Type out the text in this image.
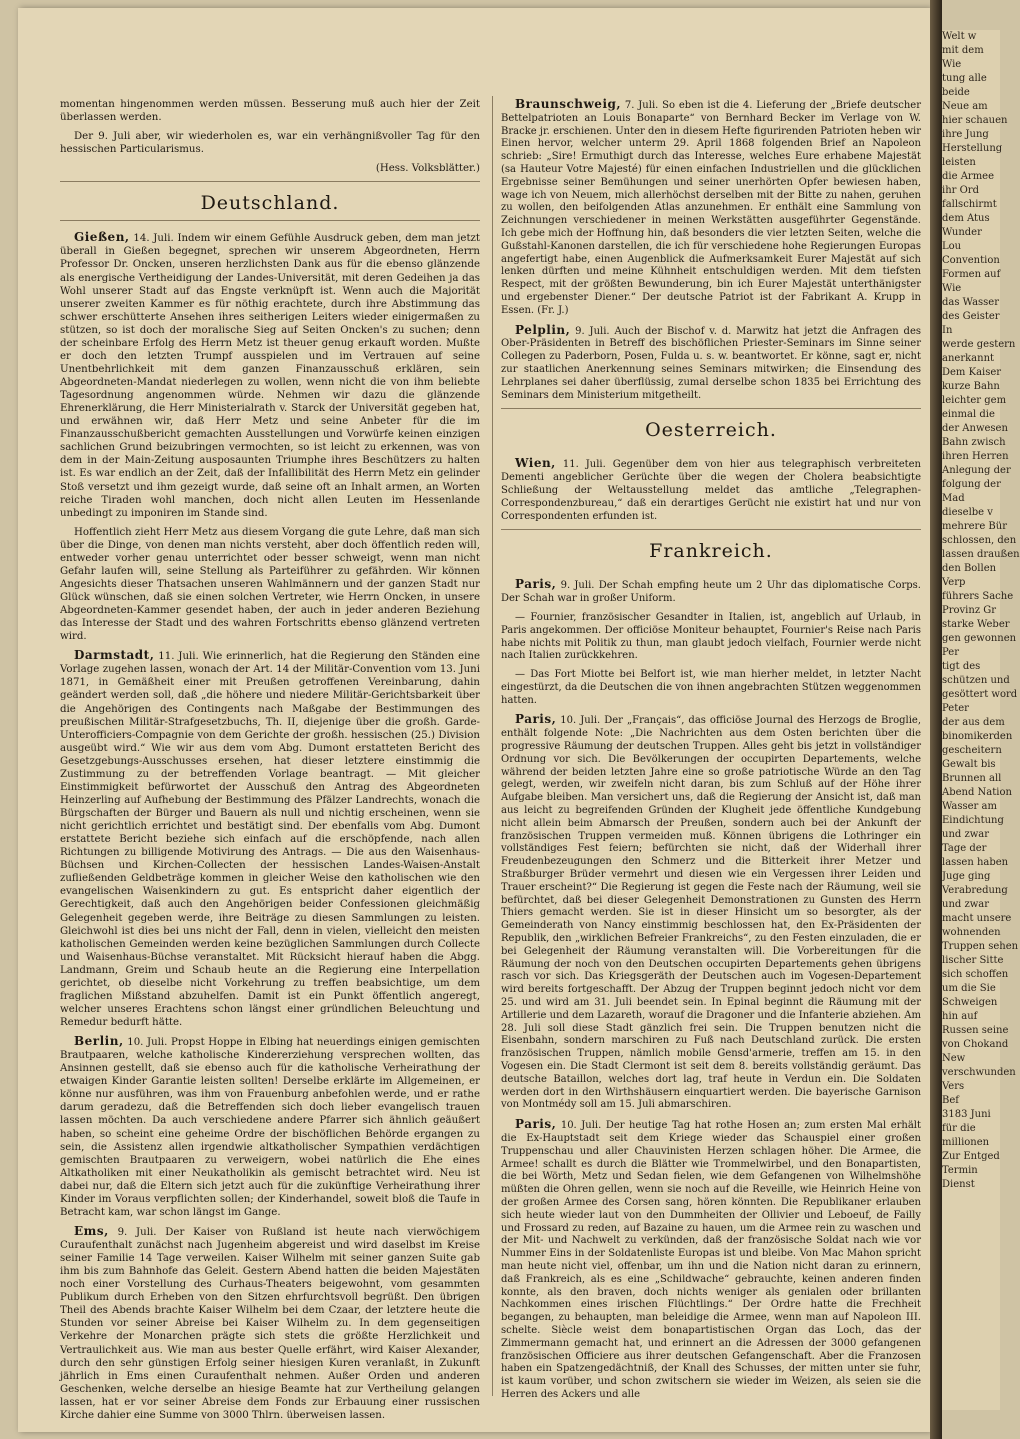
momentan hingenommen werden müssen. Besserung muß auch hier der Zeit überlassen werden.

Der 9. Juli aber, wir wiederholen es, war ein verhängnißvoller Tag für den hessischen Particularismus.

(Hess. Volksblätter.)
Deutschland.

Gießen, 14. Juli. Indem wir einem Gefühle Ausdruck geben, dem man jetzt überall in Gießen begegnet, sprechen wir unserem Abgeordneten, Herrn Professor Dr. Oncken, unseren herzlichsten Dank aus für die ebenso glänzende als energische Vertheidigung der Landes-Universität, mit deren Gedeihen ja das Wohl unserer Stadt auf das Engste verknüpft ist. Wenn auch die Majorität unserer zweiten Kammer es für nöthig erachtete, durch ihre Abstimmung das schwer erschütterte Ansehen ihres seitherigen Leiters wieder einigermaßen zu stützen, so ist doch der moralische Sieg auf Seiten Oncken's zu suchen; denn der scheinbare Erfolg des Herrn Metz ist theuer genug erkauft worden. Mußte er doch den letzten Trumpf ausspielen und im Vertrauen auf seine Unentbehrlichkeit mit dem ganzen Finanzausschuß erklären, sein Abgeordneten-Mandat niederlegen zu wollen, wenn nicht die von ihm beliebte Tagesordnung angenommen würde. Nehmen wir dazu die glänzende Ehrenerklärung, die Herr Ministerialrath v. Starck der Universität gegeben hat, und erwähnen wir, daß Herr Metz und seine Anbeter für die im Finanzausschußbericht gemachten Ausstellungen und Vorwürfe keinen einzigen sachlichen Grund beizubringen vermochten, so ist leicht zu erkennen, was von dem in der Main-Zeitung ausposaunten Triumphe ihres Beschützers zu halten ist. Es war endlich an der Zeit, daß der Infallibilität des Herrn Metz ein gelinder Stoß versetzt und ihm gezeigt wurde, daß seine oft an Inhalt armen, an Worten reiche Tiraden wohl manchen, doch nicht allen Leuten im Hessenlande unbedingt zu imponiren im Stande sind.

Hoffentlich zieht Herr Metz aus diesem Vorgang die gute Lehre, daß man sich über die Dinge, von denen man nichts versteht, aber doch öffentlich reden will, entweder vorher genau unterrichtet oder besser schweigt, wenn man nicht Gefahr laufen will, seine Stellung als Parteiführer zu gefährden. Wir können Angesichts dieser Thatsachen unseren Wahlmännern und der ganzen Stadt nur Glück wünschen, daß sie einen solchen Vertreter, wie Herrn Oncken, in unsere Abgeordneten-Kammer gesendet haben, der auch in jeder anderen Beziehung das Interesse der Stadt und des wahren Fortschritts ebenso glänzend vertreten wird.

Darmstadt, 11. Juli. Wie erinnerlich, hat die Regierung den Ständen eine Vorlage zugehen lassen, wonach der Art. 14 der Militär-Convention vom 13. Juni 1871, in Gemäßheit einer mit Preußen getroffenen Vereinbarung, dahin geändert werden soll, daß „die höhere und niedere Militär-Gerichtsbarkeit über die Angehörigen des Contingents nach Maßgabe der Bestimmungen des preußischen Militär-Strafgesetzbuchs, Th. II, diejenige über die großh. Garde-Unterofficiers-Compagnie von dem Gerichte der großh. hessischen (25.) Division ausgeübt wird.“ Wie wir aus dem vom Abg. Dumont erstatteten Bericht des Gesetzgebungs-Ausschusses ersehen, hat dieser letztere einstimmig die Zustimmung zu der betreffenden Vorlage beantragt. — Mit gleicher Einstimmigkeit befürwortet der Ausschuß den Antrag des Abgeordneten Heinzerling auf Aufhebung der Bestimmung des Pfälzer Landrechts, wonach die Bürgschaften der Bürger und Bauern als null und nichtig erscheinen, wenn sie nicht gerichtlich errichtet und bestätigt sind. Der ebenfalls vom Abg. Dumont erstattete Bericht beziehe sich einfach auf die erschöpfende, nach allen Richtungen zu billigende Motivirung des Antrags. — Die aus den Waisenhaus-Büchsen und Kirchen-Collecten der hessischen Landes-Waisen-Anstalt zufließenden Geldbeträge kommen in gleicher Weise den katholischen wie den evangelischen Waisenkindern zu gut. Es entspricht daher eigentlich der Gerechtigkeit, daß auch den Angehörigen beider Confessionen gleichmäßig Gelegenheit gegeben werde, ihre Beiträge zu diesen Sammlungen zu leisten. Gleichwohl ist dies bei uns nicht der Fall, denn in vielen, vielleicht den meisten katholischen Gemeinden werden keine bezüglichen Sammlungen durch Collecte und Waisenhaus-Büchse veranstaltet. Mit Rücksicht hierauf haben die Abgg. Landmann, Greim und Schaub heute an die Regierung eine Interpellation gerichtet, ob dieselbe nicht Vorkehrung zu treffen beabsichtige, um dem fraglichen Mißstand abzuhelfen. Damit ist ein Punkt öffentlich angeregt, welcher unseres Erachtens schon längst einer gründlichen Beleuchtung und Remedur bedurft hätte.

Berlin, 10. Juli. Propst Hoppe in Elbing hat neuerdings einigen gemischten Brautpaaren, welche katholische Kindererziehung versprechen wollten, das Ansinnen gestellt, daß sie ebenso auch für die katholische Verheirathung der etwaigen Kinder Garantie leisten sollten! Derselbe erklärte im Allgemeinen, er könne nur ausführen, was ihm von Frauenburg anbefohlen werde, und er rathe darum geradezu, daß die Betreffenden sich doch lieber evangelisch trauen lassen möchten. Da auch verschiedene andere Pfarrer sich ähnlich geäußert haben, so scheint eine geheime Ordre der bischöflichen Behörde ergangen zu sein, die Assistenz allen irgendwie altkatholischer Sympathien verdächtigen gemischten Brautpaaren zu verweigern, wobei natürlich die Ehe eines Altkatholiken mit einer Neukatholikin als gemischt betrachtet wird. Neu ist dabei nur, daß die Eltern sich jetzt auch für die zukünftige Verheirathung ihrer Kinder im Voraus verpflichten sollen; der Kinderhandel, soweit bloß die Taufe in Betracht kam, war schon längst im Gange.

Ems, 9. Juli. Der Kaiser von Rußland ist heute nach vierwöchigem Curaufenthalt zunächst nach Jugenheim abgereist und wird daselbst im Kreise seiner Familie 14 Tage verweilen. Kaiser Wilhelm mit seiner ganzen Suite gab ihm bis zum Bahnhofe das Geleit. Gestern Abend hatten die beiden Majestäten noch einer Vorstellung des Curhaus-Theaters beigewohnt, vom gesammten Publikum durch Erheben von den Sitzen ehrfurchtsvoll begrüßt. Den übrigen Theil des Abends brachte Kaiser Wilhelm bei dem Czaar, der letztere heute die Stunden vor seiner Abreise bei Kaiser Wilhelm zu. In dem gegenseitigen Verkehre der Monarchen prägte sich stets die größte Herzlichkeit und Vertraulichkeit aus. Wie man aus bester Quelle erfährt, wird Kaiser Alexander, durch den sehr günstigen Erfolg seiner hiesigen Kuren veranlaßt, in Zukunft jährlich in Ems einen Curaufenthalt nehmen. Außer Orden und anderen Geschenken, welche derselbe an hiesige Beamte hat zur Vertheilung gelangen lassen, hat er vor seiner Abreise dem Fonds zur Erbauung einer russischen Kirche dahier eine Summe von 3000 Thlrn. überweisen lassen.

Braunschweig, 7. Juli. So eben ist die 4. Lieferung der „Briefe deutscher Bettelpatrioten an Louis Bonaparte“ von Bernhard Becker im Verlage von W. Bracke jr. erschienen. Unter den in diesem Hefte figurirenden Patrioten heben wir Einen hervor, welcher unterm 29. April 1868 folgenden Brief an Napoleon schrieb: „Sire! Ermuthigt durch das Interesse, welches Eure erhabene Majestät (sa Hauteur Votre Majesté) für einen einfachen Industriellen und die glücklichen Ergebnisse seiner Bemühungen und seiner unerhörten Opfer bewiesen haben, wage ich von Neuem, mich allerhöchst derselben mit der Bitte zu nahen, geruhen zu wollen, den beifolgenden Atlas anzunehmen. Er enthält eine Sammlung von Zeichnungen verschiedener in meinen Werkstätten ausgeführter Gegenstände. Ich gebe mich der Hoffnung hin, daß besonders die vier letzten Seiten, welche die Gußstahl-Kanonen darstellen, die ich für verschiedene hohe Regierungen Europas angefertigt habe, einen Augenblick die Aufmerksamkeit Eurer Majestät auf sich lenken dürften und meine Kühnheit entschuldigen werden. Mit dem tiefsten Respect, mit der größten Bewunderung, bin ich Eurer Majestät unterthänigster und ergebenster Diener.“ Der deutsche Patriot ist der Fabrikant A. Krupp in Essen. (Fr. J.)

Pelplin, 9. Juli. Auch der Bischof v. d. Marwitz hat jetzt die Anfragen des Ober-Präsidenten in Betreff des bischöflichen Priester-Seminars im Sinne seiner Collegen zu Paderborn, Posen, Fulda u. s. w. beantwortet. Er könne, sagt er, nicht zur staatlichen Anerkennung seines Seminars mitwirken; die Einsendung des Lehrplanes sei daher überflüssig, zumal derselbe schon 1835 bei Errichtung des Seminars dem Ministerium mitgetheilt.

Oesterreich.

Wien, 11. Juli. Gegenüber dem von hier aus telegraphisch verbreiteten Dementi angeblicher Gerüchte über die wegen der Cholera beabsichtigte Schließung der Weltausstellung meldet das amtliche „Telegraphen-Correspondenzbureau,“ daß ein derartiges Gerücht nie existirt hat und nur von Correspondenten erfunden ist.

Frankreich.

Paris, 9. Juli. Der Schah empfing heute um 2 Uhr das diplomatische Corps. Der Schah war in großer Uniform.

— Fournier, französischer Gesandter in Italien, ist, angeblich auf Urlaub, in Paris angekommen. Der officiöse Moniteur behauptet, Fournier's Reise nach Paris habe nichts mit Politik zu thun, man glaubt jedoch vielfach, Fournier werde nicht nach Italien zurückkehren.

— Das Fort Miotte bei Belfort ist, wie man hierher meldet, in letzter Nacht eingestürzt, da die Deutschen die von ihnen angebrachten Stützen weggenommen hatten.

Paris, 10. Juli. Der „Français“, das officiöse Journal des Herzogs de Broglie, enthält folgende Note: „Die Nachrichten aus dem Osten berichten über die progressive Räumung der deutschen Truppen. Alles geht bis jetzt in vollständiger Ordnung vor sich. Die Bevölkerungen der occupirten Departements, welche während der beiden letzten Jahre eine so große patriotische Würde an den Tag gelegt, werden, wir zweifeln nicht daran, bis zum Schluß auf der Höhe ihrer Aufgabe bleiben. Man versichert uns, daß die Regierung der Ansicht ist, daß man aus leicht zu begreifenden Gründen der Klugheit jede öffentliche Kundgebung nicht allein beim Abmarsch der Preußen, sondern auch bei der Ankunft der französischen Truppen vermeiden muß. Können übrigens die Lothringer ein vollständiges Fest feiern; befürchten sie nicht, daß der Widerhall ihrer Freudenbezeugungen den Schmerz und die Bitterkeit ihrer Metzer und Straßburger Brüder vermehrt und diesen wie ein Vergessen ihrer Leiden und Trauer erscheint?“ Die Regierung ist gegen die Feste nach der Räumung, weil sie befürchtet, daß bei dieser Gelegenheit Demonstrationen zu Gunsten des Herrn Thiers gemacht werden. Sie ist in dieser Hinsicht um so besorgter, als der Gemeinderath von Nancy einstimmig beschlossen hat, den Ex-Präsidenten der Republik, den „wirklichen Befreier Frankreichs“, zu den Festen einzuladen, die er bei Gelegenheit der Räumung veranstalten will. Die Vorbereitungen für die Räumung der noch von den Deutschen occupirten Departements gehen übrigens rasch vor sich. Das Kriegsgeräth der Deutschen auch im Vogesen-Departement wird bereits fortgeschafft. Der Abzug der Truppen beginnt jedoch nicht vor dem 25. und wird am 31. Juli beendet sein. In Epinal beginnt die Räumung mit der Artillerie und dem Lazareth, worauf die Dragoner und die Infanterie abziehen. Am 28. Juli soll diese Stadt gänzlich frei sein. Die Truppen benutzen nicht die Eisenbahn, sondern marschiren zu Fuß nach Deutschland zurück. Die ersten französischen Truppen, nämlich mobile Gensd'armerie, treffen am 15. in den Vogesen ein. Die Stadt Clermont ist seit dem 8. bereits vollständig geräumt. Das deutsche Bataillon, welches dort lag, traf heute in Verdun ein. Die Soldaten werden dort in den Wirthshäusern einquartiert werden. Die bayerische Garnison von Montmédy soll am 15. Juli abmarschiren.

Paris, 10. Juli. Der heutige Tag hat rothe Hosen an; zum ersten Mal erhält die Ex-Hauptstadt seit dem Kriege wieder das Schauspiel einer großen Truppenschau und aller Chauvinisten Herzen schlagen höher. Die Armee, die Armee! schallt es durch die Blätter wie Trommelwirbel, und den Bonapartisten, die bei Wörth, Metz und Sedan fielen, wie dem Gefangenen von Wilhelmshöhe müßten die Ohren gellen, wenn sie noch auf die Reveille, wie Heinrich Heine von der großen Armee des Corsen sang, hören könnten. Die Republikaner erlauben sich heute wieder laut von den Dummheiten der Ollivier und Leboeuf, de Failly und Frossard zu reden, auf Bazaine zu hauen, um die Armee rein zu waschen und der Mit- und Nachwelt zu verkünden, daß der französische Soldat nach wie vor Nummer Eins in der Soldatenliste Europas ist und bleibe. Von Mac Mahon spricht man heute nicht viel, offenbar, um ihn und die Nation nicht daran zu erinnern, daß Frankreich, als es eine „Schildwache“ gebrauchte, keinen anderen finden konnte, als den braven, doch nichts weniger als genialen oder brillanten Nachkommen eines irischen Flüchtlings.“ Der Ordre hatte die Frechheit begangen, zu behaupten, man beleidige die Armee, wenn man auf Napoleon III. schelte. Siècle weist dem bonapartistischen Organ das Loch, das der Zimmermann gemacht hat, und erinnert an die Adressen der 3000 gefangenen französischen Officiere aus ihrer deutschen Gefangenschaft. Aber die Franzosen haben ein Spatzengedächtniß, der Knall des Schusses, der mitten unter sie fuhr, ist kaum vorüber, und schon zwitschern sie wieder im Weizen, als seien sie die Herren des Ackers und alle

Welt w
mit dem
Wie
tung alle
beide
Neue am
hier schauen
ihre Jung
Herstellung
leisten
die Armee
ihr Ord
fallschirmt
dem Atus
Wunder
Lou
Convention
Formen auf
Wie
das Wasser
des Geister
In
werde gestern
anerkannt
Dem Kaiser
kurze Bahn
leichter gem
einmal die
der Anwesen
Bahn zwisch
ihren Herren
Anlegung der
folgung der
Mad
dieselbe v
mehrere Bür
schlossen, den
lassen draußen
den Bollen
Verp
führers Sache
Provinz Gr
starke Weber
gen gewonnen
Per
tigt des
schützen und
gesöttert word
Peter
der aus dem
binomikerden
gescheitern
Gewalt bis
Brunnen all
Abend Nation
Wasser am
Eindichtung
und zwar
Tage der
lassen haben
Juge ging
Verabredung
und zwar
macht unsere
wohnenden
Truppen sehen
lischer Sitte
sich schoffen
um die Sie
Schweigen
hin auf
Russen seine
von Chokand
New
verschwunden
Vers
Bef
3183 Juni
für die
millionen
Zur Entged
Termin
Dienst
